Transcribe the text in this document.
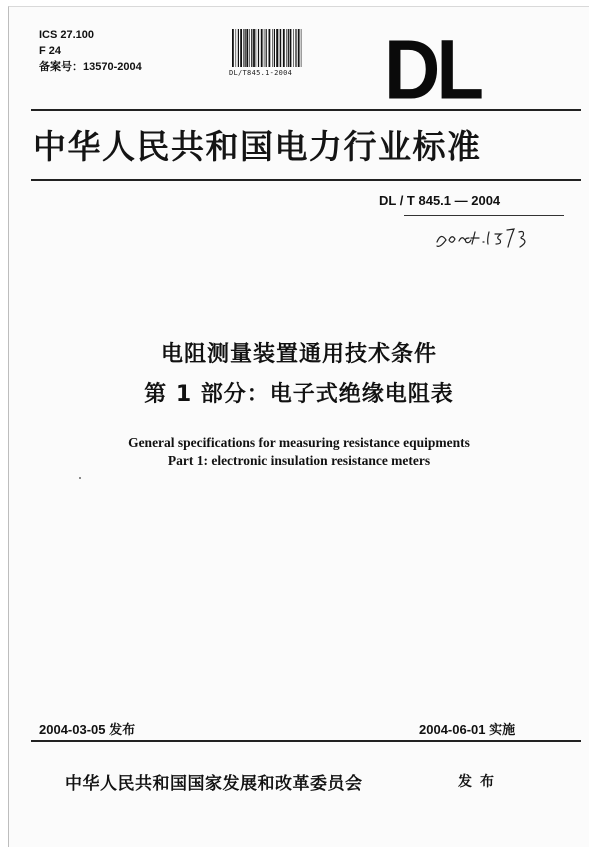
ICS 27.100
F 24
备案号：13570-2004	DL/T845.1-2004 DL
中华人民共和国电力行业标准
DL / T 845.1 — 2004
电阻测量装置通用技术条件
第 1 部分：电子式绝缘电阻表
General specifications for measuring resistance equipments
Part 1: electronic insulation resistance meters
2004-03-05 发布	2004-06-01 实施
中华人民共和国国家发展和改革委员会	发布
